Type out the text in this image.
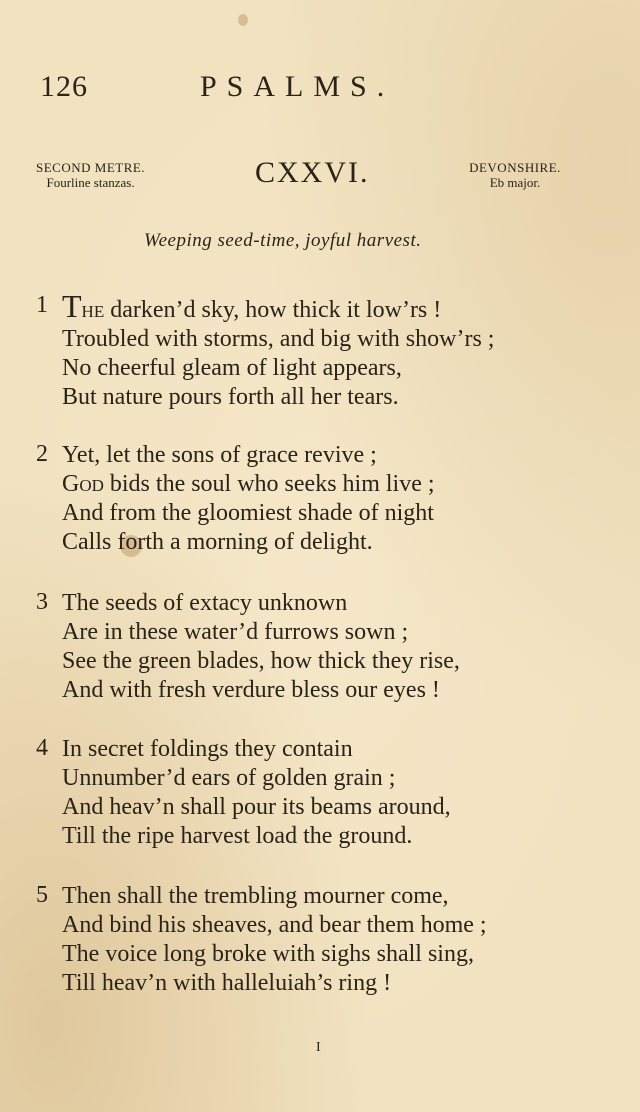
126	PSALMS.
SECOND METRE.
Fourline stanzas.	CXXVI.	DEVONSHIRE.
Eb major.
Weeping seed-time, joyful harvest.
1 The darken’d sky, how thick it low’rs !
Troubled with storms, and big with show’rs ;
No cheerful gleam of light appears,
But nature pours forth all her tears.
2 Yet, let the sons of grace revive ;
God bids the soul who seeks him live ;
And from the gloomiest shade of night
Calls forth a morning of delight.
3 The seeds of extacy unknown
Are in these water’d furrows sown ;
See the green blades, how thick they rise,
And with fresh verdure bless our eyes !
4 In secret foldings they contain
Unnumber’d ears of golden grain ;
And heav’n shall pour its beams around,
Till the ripe harvest load the ground.
5 Then shall the trembling mourner come,
And bind his sheaves, and bear them home ;
The voice long broke with sighs shall sing,
Till heav’n with halleluiah’s ring !
I
